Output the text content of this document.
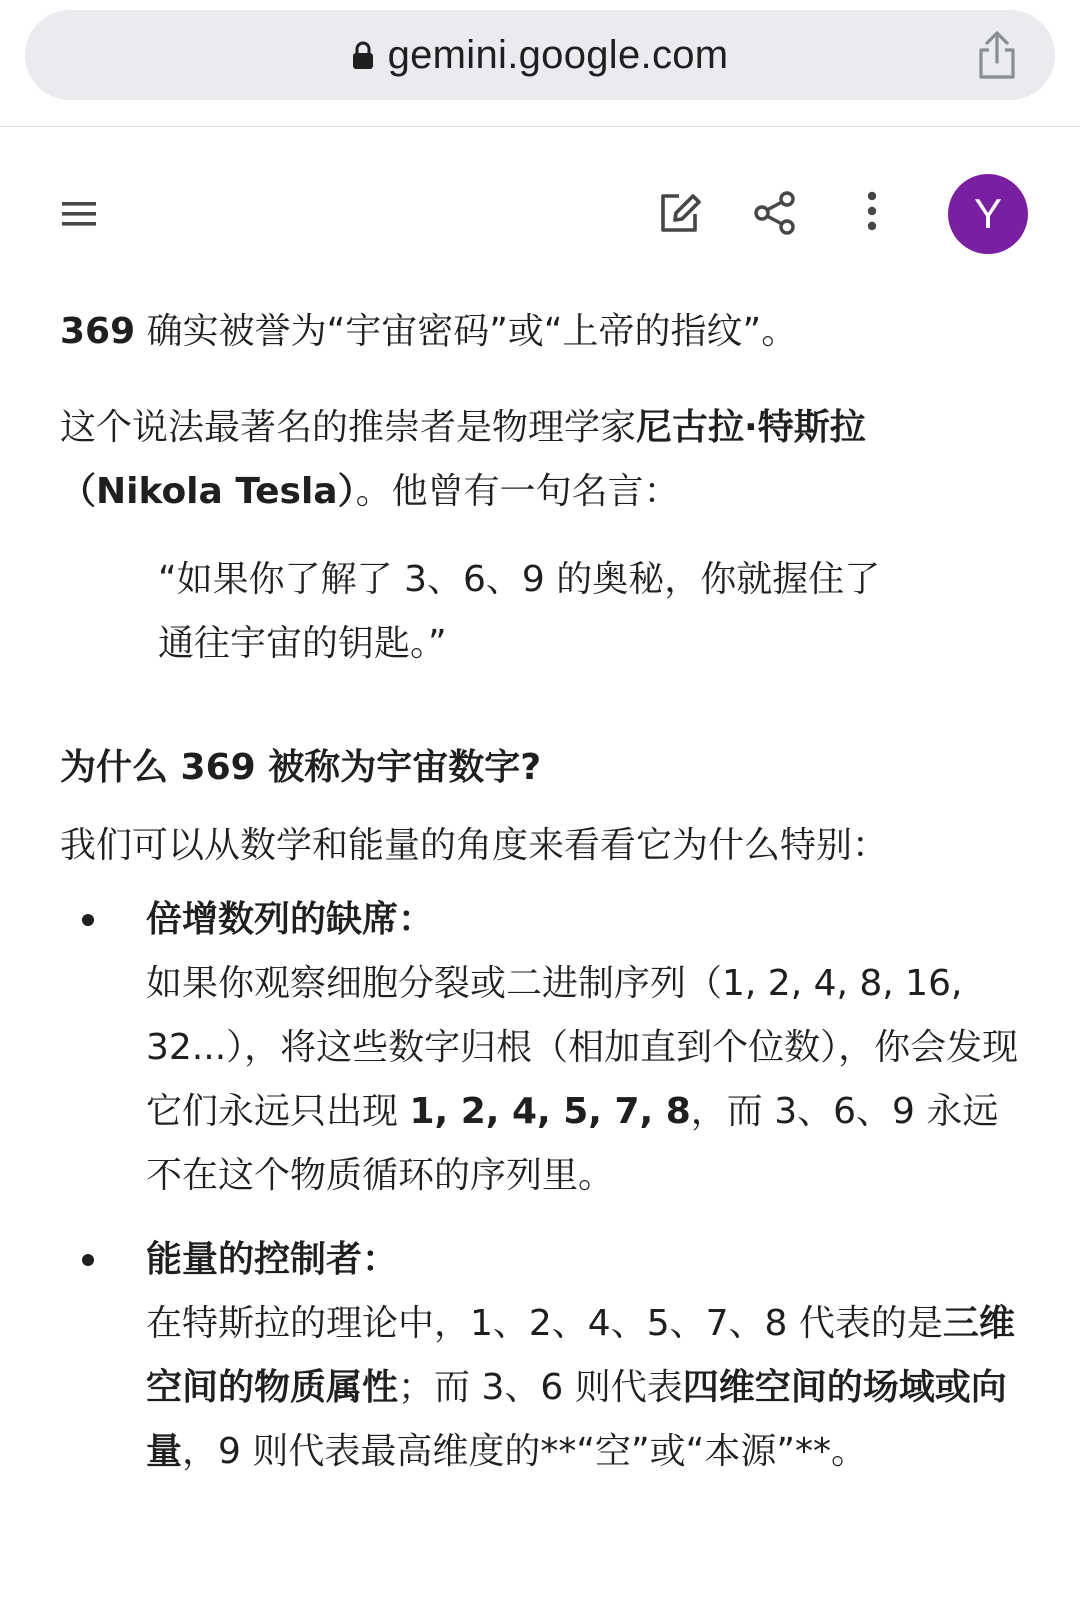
gemini.google.com
Y

369 确实被誉为“宇宙密码”或“上帝的指纹”。

这个说法最著名的推崇者是物理学家尼古拉·特斯拉（Nikola Tesla）。他曾有一句名言：

“如果你了解了 3、6、9 的奥秘，你就握住了通往宇宙的钥匙。”

为什么 369 被称为宇宙数字?

我们可以从数学和能量的角度来看看它为什么特别：

倍增数列的缺席：
如果你观察细胞分裂或二进制序列（1, 2, 4, 8, 16, 32...），将这些数字归根（相加直到个位数），你会发现它们永远只出现 1, 2, 4, 5, 7, 8，而 3、6、9 永远不在这个物质循环的序列里。
能量的控制者：
在特斯拉的理论中，1、2、4、5、7、8 代表的是三维空间的物质属性；而 3、6 则代表四维空间的场域或向量，9 则代表最高维度的**“空”或“本源”**。
